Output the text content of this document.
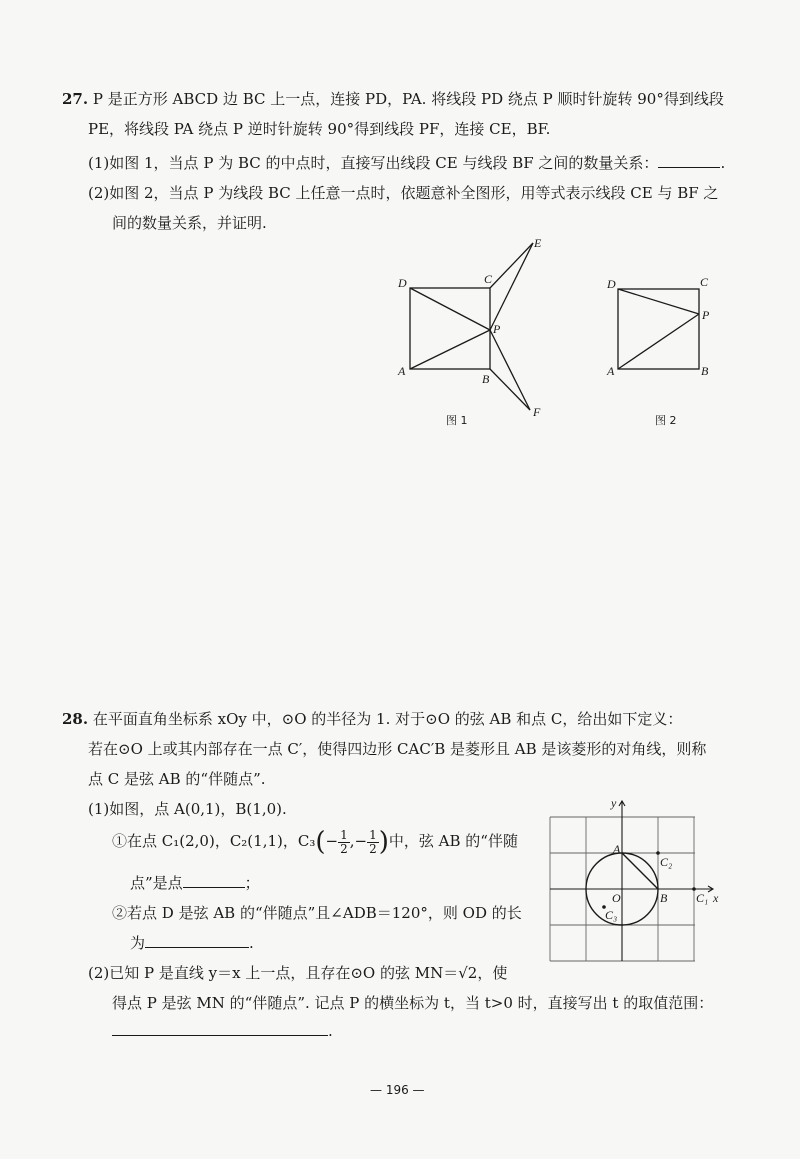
27. P 是正方形 ABCD 边 BC 上一点，连接 PD，PA. 将线段 PD 绕点 P 顺时针旋转 90°得到线段
PE，将线段 PA 绕点 P 逆时针旋转 90°得到线段 PF，连接 CE，BF.
(1)如图 1，当点 P 为 BC 的中点时，直接写出线段 CE 与线段 BF 之间的数量关系：	.
(2)如图 2，当点 P 为线段 BC 上任意一点时，依题意补全图形，用等式表示线段 CE 与 BF 之
间的数量关系，并证明.
D	C
A
B
P
E
F
图 1
D	C
A	B
P
图 2
28. 在平面直角坐标系 xOy 中，⊙O 的半径为 1. 对于⊙O 的弦 AB 和点 C，给出如下定义：
若在⊙O 上或其内部存在一点 C′，使得四边形 CAC′B 是菱形且 AB 是该菱形的对角线，则称
点 C 是弦 AB 的“伴随点”.
(1)如图，点 A(0,1)，B(1,0).
①在点 C₁(2,0)，C₂(1,1)，$C_3(- \frac{1}{2}$ ,− $\frac{1}{2}$ )中，弦 AB 的“伴随
点”是点	；
②若点 D 是弦 AB 的“伴随点”且∠ADB＝120°，则 OD 的长
为	.
(2)已知 P 是直线 y＝x 上一点，且存在⊙O 的弦 MN＝√2，使
得点 P 是弦 MN 的“伴随点”. 记点 P 的横坐标为 t，当 t>0 时，直接写出 t 的取值范围：
.
x
y
O
A
B C₁
C₂
C₃
— 196 —
